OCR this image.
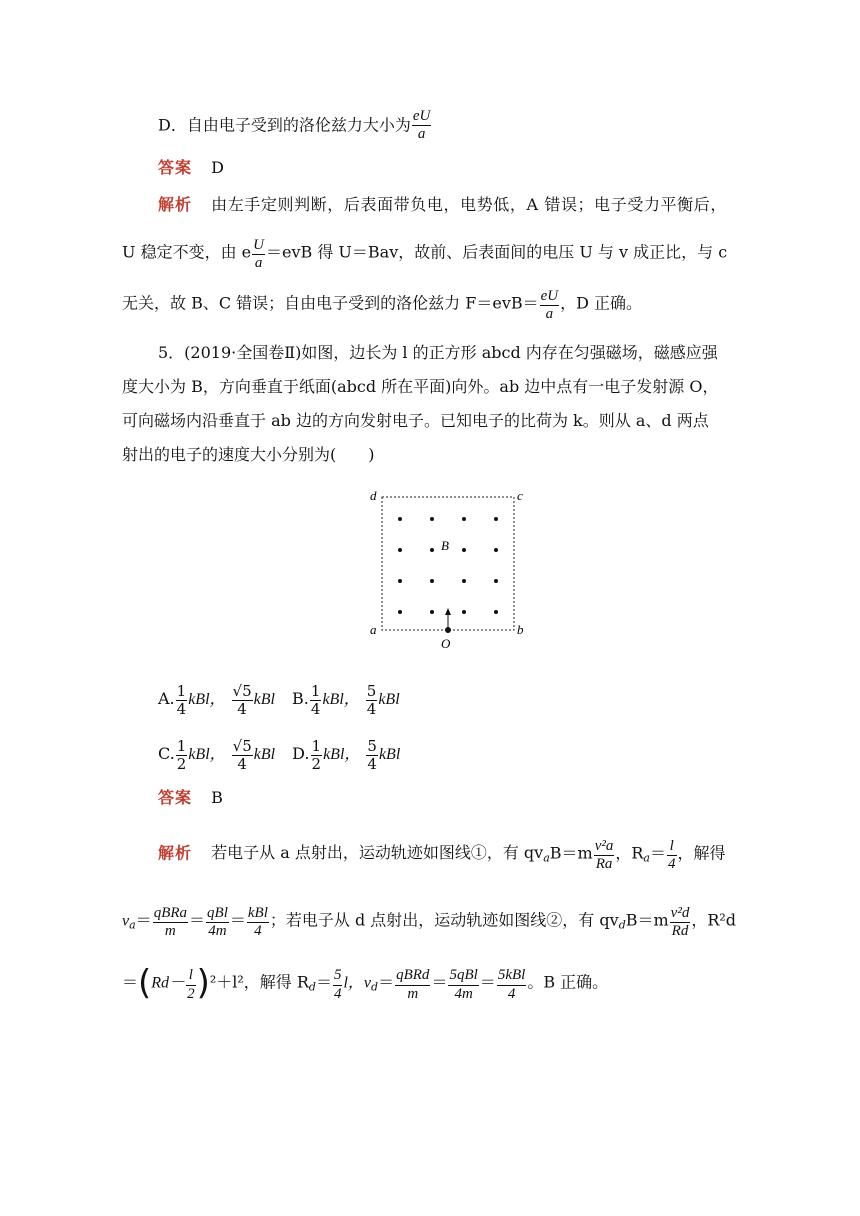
D．自由电子受到的洛伦兹力大小为 $\frac{eU}{a}$
答案 D
解析 由左手定则判断，后表面带负电，电势低，A 错误；电子受力平衡后，
U 稳定不变，由 e $\frac{U}{a} =evB$ 得 U＝Bav，故前、后表面间的电压 U 与 v 成正比，与 c
无关，故 B、C 错误；自由电子受到的洛伦兹力 $F=evB= \frac{eU}{a}$ ，D 正确。
5．(2019·全国卷Ⅱ)如图，边长为 l 的正方形 abcd 内存在匀强磁场，磁感应强
度大小为 B，方向垂直于纸面(abcd 所在平面)向外。ab 边中点有一电子发射源 O，
可向磁场内沿垂直于 ab 边的方向发射电子。已知电子的比荷为 k。则从 a、d 两点
射出的电子的速度大小分别为(　　)
d	c
a	b
B
O
A. $\frac{1}{4}$ kBl， $\frac{√5}{4}$ kBl B. $\frac{1}{4}$ kBl， $\frac{5}{4}$ kBl
C. $\frac{1}{2}$ kBl， $\frac{√5}{4}$ kBl D. $\frac{1}{2}$ kBl， $\frac{5}{4}$ kBl
答案 B
解析 若电子从 a 点射出，运动轨迹如图线①，有 $qv_aB=m \frac{\text{v²a}}{Ra}$ ，$R_a= \frac{l}{4}$ ，解得
$v_a= \frac{\text{qBRa}}{m} = \frac{\text{qBl}}{4m} = \frac{\text{kBl}}{4}$ ；若电子从 d 点射出，运动轨迹如图线②，有 $qv_dB=m \frac{\text{v²d}}{Rd}$ ，R²d
$=(Rd- \frac{l}{2} )^2+l^2$，解得 $R_d= \frac{5}{4}$ l，$v_d= \frac{\text{qBRd}}{m} = \frac{\text{5qBl}}{4m} = \frac{\text{5kBl}}{4}$ 。B 正确。
